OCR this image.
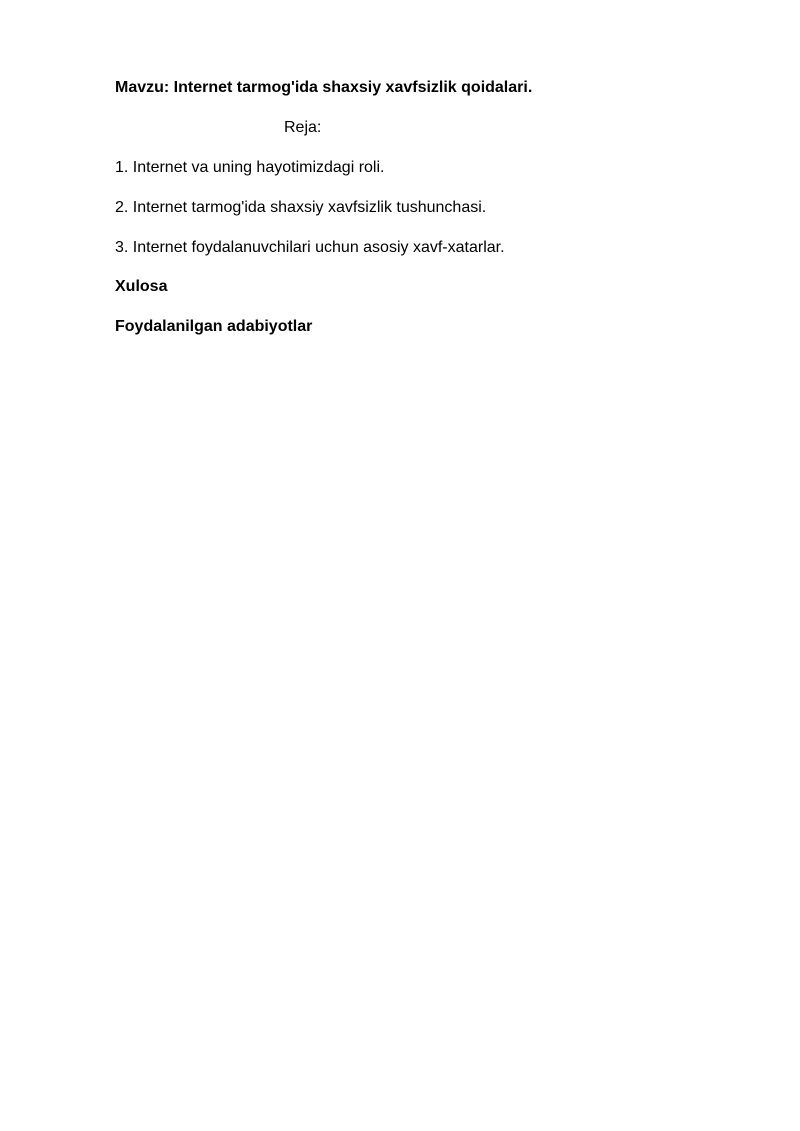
Mavzu: Internet tarmog'ida shaxsiy xavfsizlik qoidalari.
Reja:
1. Internet va uning hayotimizdagi roli.
2. Internet tarmog'ida shaxsiy xavfsizlik tushunchasi.
3. Internet foydalanuvchilari uchun asosiy xavf-xatarlar.
Xulosa
Foydalanilgan adabiyotlar
